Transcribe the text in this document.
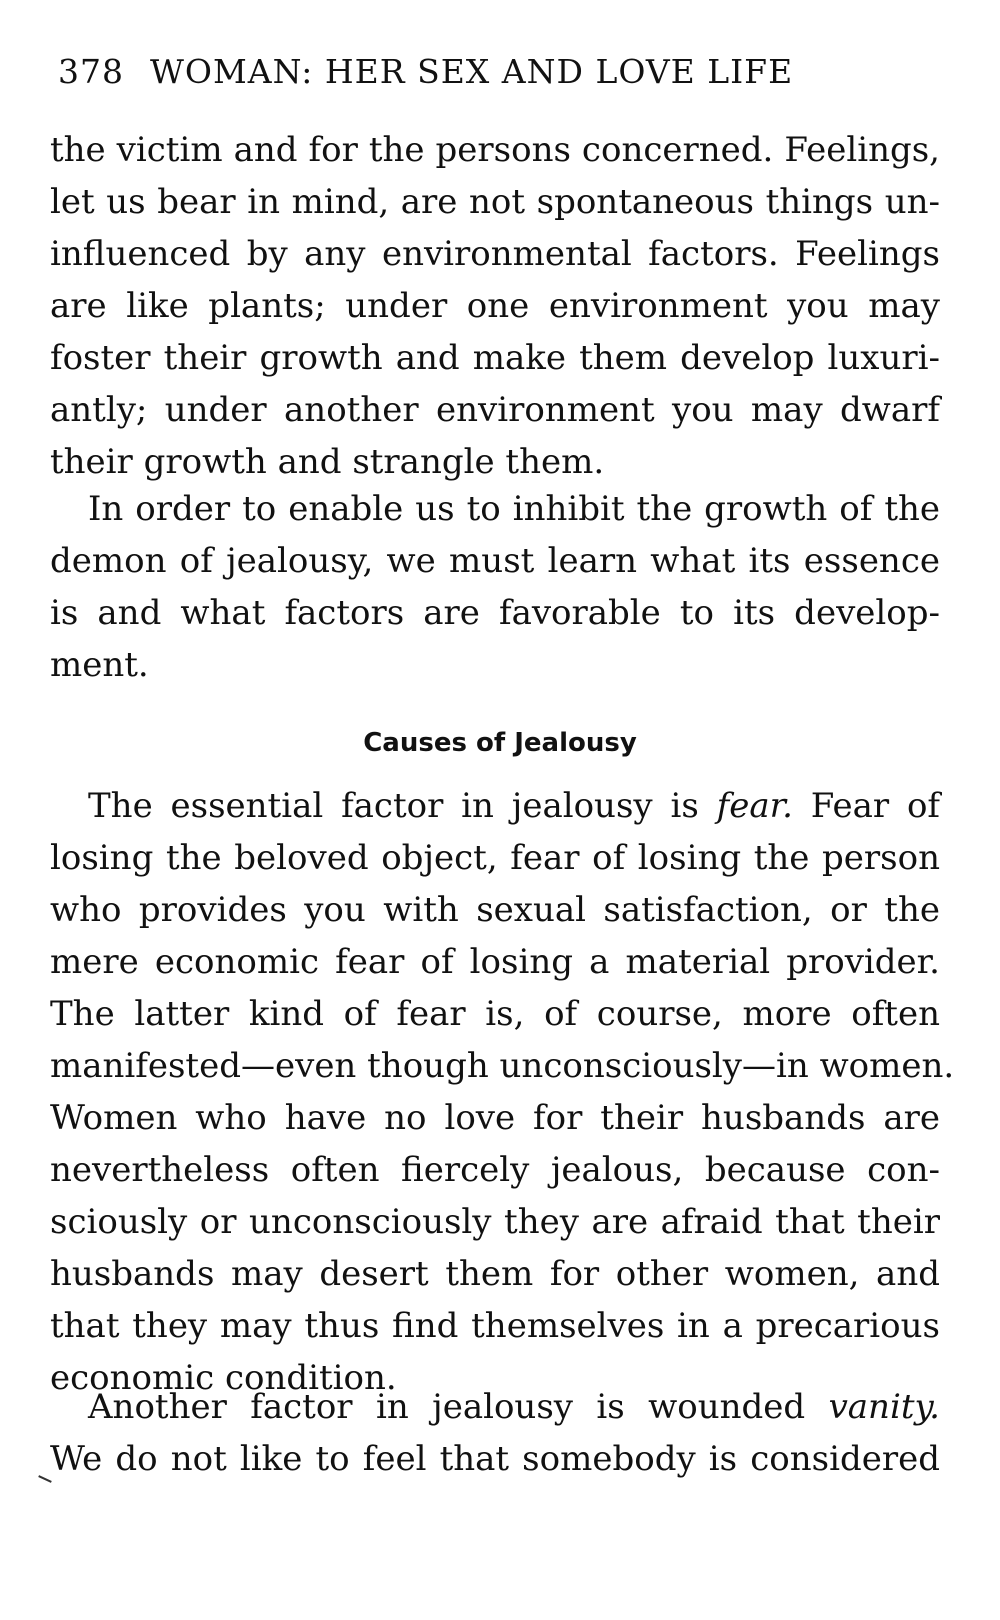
378 WOMAN: HER SEX AND LOVE LIFE
the victim and for the persons concerned. Feelings,
let us bear in mind, are not spontaneous things un-
influenced by any environmental factors. Feelings
are like plants; under one environment you may
foster their growth and make them develop luxuri-
antly; under another environment you may dwarf
their growth and strangle them.
In order to enable us to inhibit the growth of the
demon of jealousy, we must learn what its essence
is and what factors are favorable to its develop-
ment.
Causes of Jealousy
The essential factor in jealousy is fear. Fear of
losing the beloved object, fear of losing the person
who provides you with sexual satisfaction, or the
mere economic fear of losing a material provider.
The latter kind of fear is, of course, more often
manifested—even though unconsciously—in women.
Women who have no love for their husbands are
nevertheless often fiercely jealous, because con-
sciously or unconsciously they are afraid that their
husbands may desert them for other women, and
that they may thus find themselves in a precarious
economic condition.
Another factor in jealousy is wounded vanity.
We do not like to feel that somebody is considered
